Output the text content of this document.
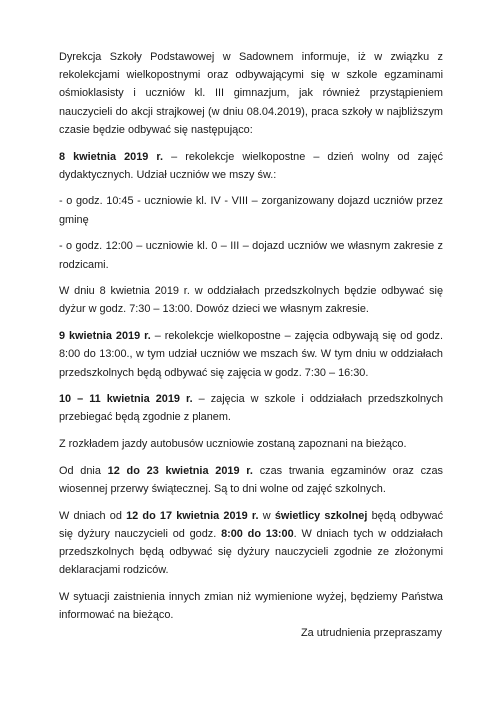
Dyrekcja Szkoły Podstawowej w Sadownem informuje, iż w związku z rekolekcjami wielkopostnymi oraz odbywającymi się w szkole egzaminami ośmioklasisty i uczniów kl. III gimnazjum, jak również przystąpieniem nauczycieli do akcji strajkowej (w dniu 08.04.2019), praca szkoły w najbliższym czasie będzie odbywać się następująco:

8 kwietnia 2019 r. – rekolekcje wielkopostne – dzień wolny od zajęć dydaktycznych. Udział uczniów we mszy św.:

- o godz. 10:45 - uczniowie kl. IV - VIII – zorganizowany dojazd uczniów przez gminę

- o godz. 12:00 – uczniowie kl. 0 – III – dojazd uczniów we własnym zakresie z rodzicami.

W dniu 8 kwietnia 2019 r. w oddziałach przedszkolnych będzie odbywać się dyżur w godz. 7:30 – 13:00. Dowóz dzieci we własnym zakresie.

9 kwietnia 2019 r. – rekolekcje wielkopostne – zajęcia odbywają się od godz. 8:00 do 13:00., w tym udział uczniów we mszach św. W tym dniu w oddziałach przedszkolnych będą odbywać się zajęcia w godz. 7:30 – 16:30.

10 – 11 kwietnia 2019 r. – zajęcia w szkole i oddziałach przedszkolnych przebiegać będą zgodnie z planem.

Z rozkładem jazdy autobusów uczniowie zostaną zapoznani na bieżąco.

Od dnia 12 do 23 kwietnia 2019 r. czas trwania egzaminów oraz czas wiosennej przerwy świątecznej. Są to dni wolne od zajęć szkolnych.

W dniach od 12 do 17 kwietnia 2019 r. w świetlicy szkolnej będą odbywać się dyżury nauczycieli od godz. 8:00 do 13:00. W dniach tych w oddziałach przedszkolnych będą odbywać się dyżury nauczycieli zgodnie ze złożonymi deklaracjami rodziców.

W sytuacji zaistnienia innych zmian niż wymienione wyżej, będziemy Państwa informować na bieżąco.

Za utrudnienia przepraszamy
